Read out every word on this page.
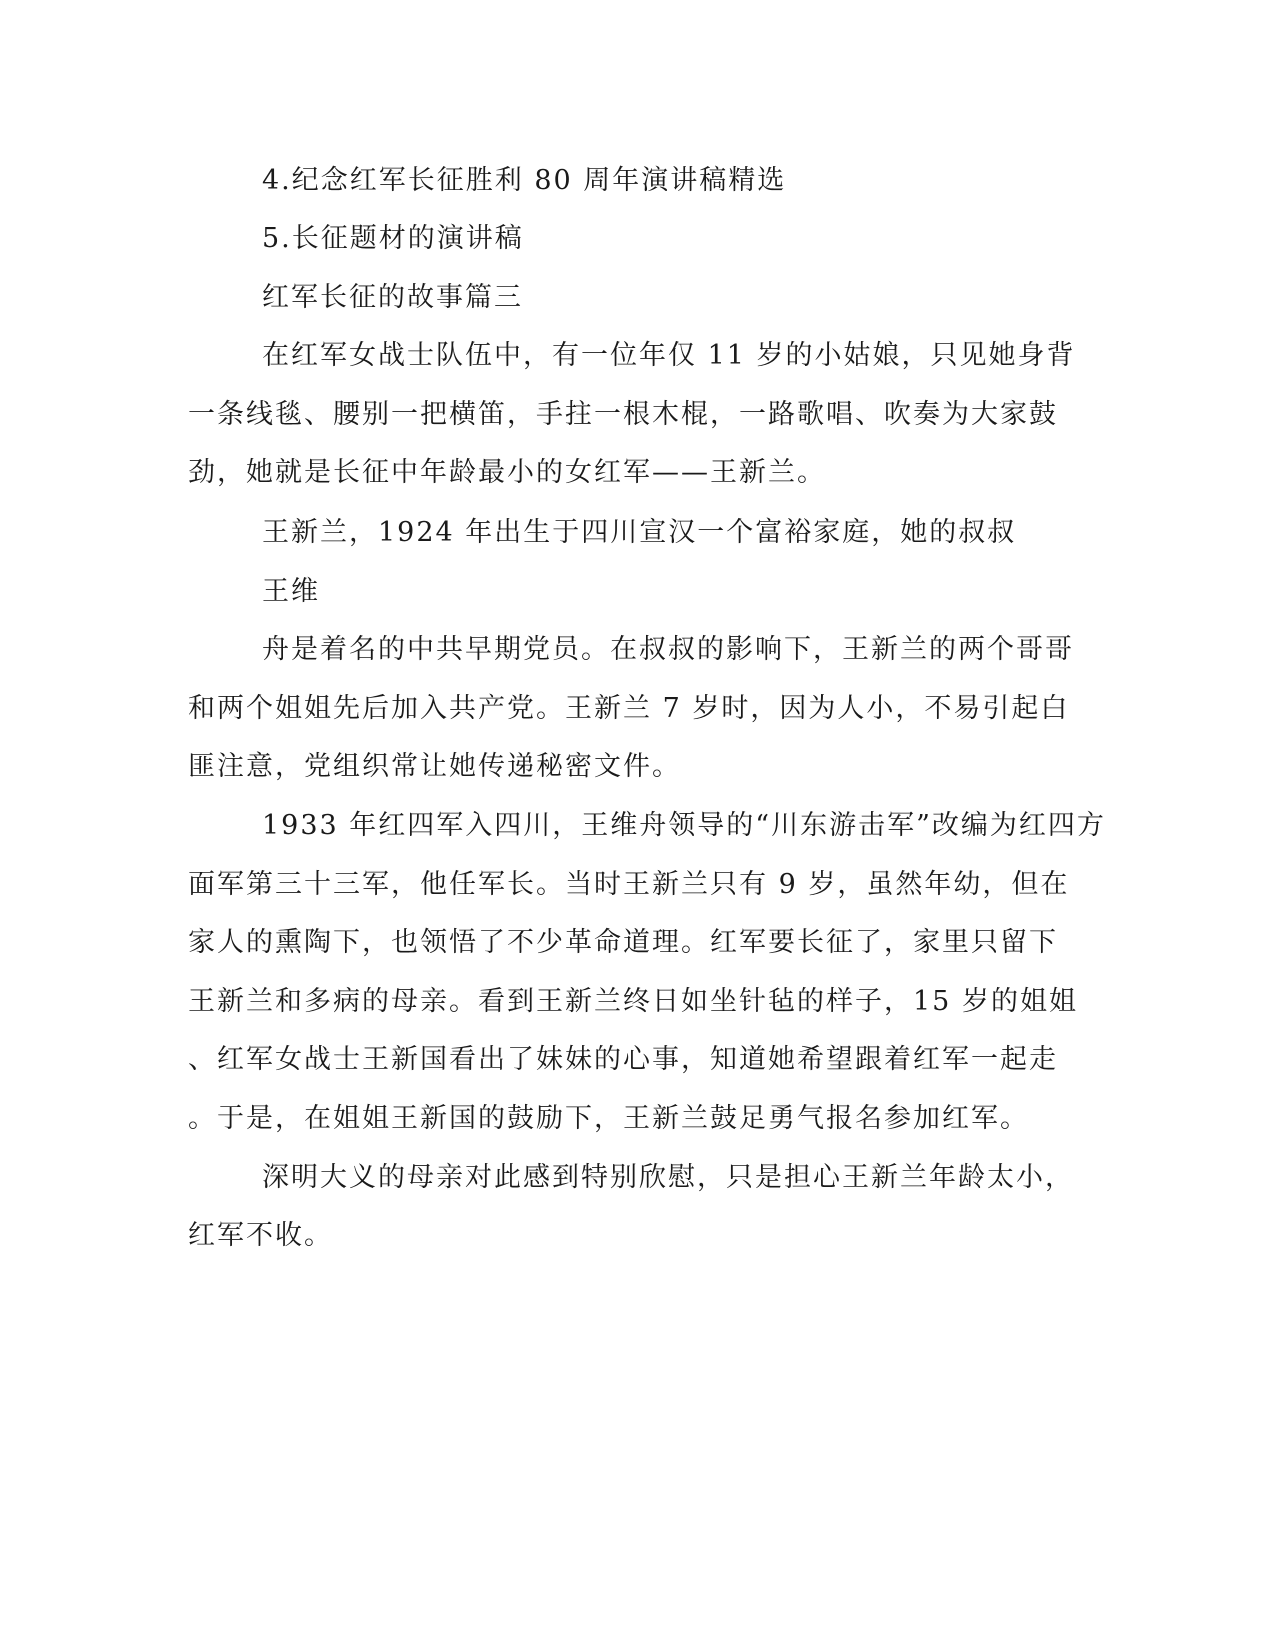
4.纪念红军长征胜利 80 周年演讲稿精选
5.长征题材的演讲稿
红军长征的故事篇三
在红军女战士队伍中，有一位年仅 11 岁的小姑娘，只见她身背
一条线毯、腰别一把横笛，手拄一根木棍，一路歌唱、吹奏为大家鼓
劲，她就是长征中年龄最小的女红军——王新兰。
王新兰，1924 年出生于四川宣汉一个富裕家庭，她的叔叔
王维
舟是着名的中共早期党员。在叔叔的影响下，王新兰的两个哥哥
和两个姐姐先后加入共产党。王新兰 7 岁时，因为人小，不易引起白
匪注意，党组织常让她传递秘密文件。
1933 年红四军入四川，王维舟领导的“川东游击军”改编为红四方
面军第三十三军，他任军长。当时王新兰只有 9 岁，虽然年幼，但在
家人的熏陶下，也领悟了不少革命道理。红军要长征了，家里只留下
王新兰和多病的母亲。看到王新兰终日如坐针毡的样子，15 岁的姐姐
、红军女战士王新国看出了妹妹的心事，知道她希望跟着红军一起走
。于是，在姐姐王新国的鼓励下，王新兰鼓足勇气报名参加红军。
深明大义的母亲对此感到特别欣慰，只是担心王新兰年龄太小，
红军不收。
